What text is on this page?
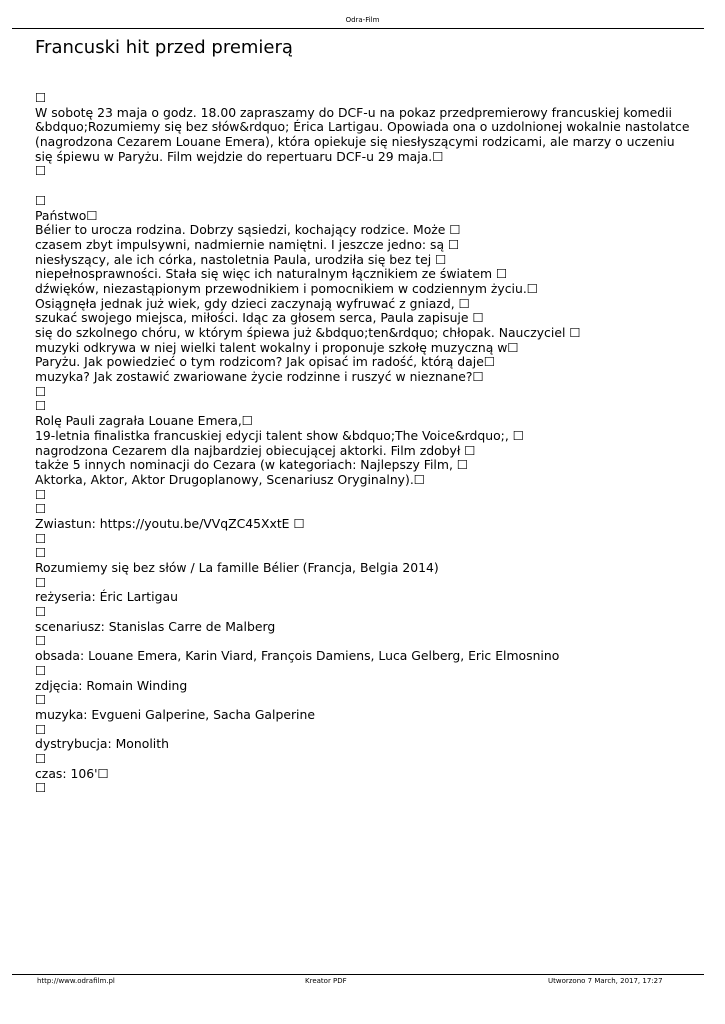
Odra-Film
Francuski hit przed premierą
☐
W sobotę 23 maja o godz. 18.00 zapraszamy do DCF-u na pokaz przedpremierowy francuskiej komedii
&bdquo;Rozumiemy się bez słów&rdquo; Érica Lartigau. Opowiada ona o uzdolnionej wokalnie nastolatce
(nagrodzona Cezarem Louane Emera), która opiekuje się niesłyszącymi rodzicami, ale marzy o uczeniu
się śpiewu w Paryżu. Film wejdzie do repertuaru DCF-u 29 maja.☐
☐
☐
Państwo☐
Bélier to urocza rodzina. Dobrzy sąsiedzi, kochający rodzice. Może ☐
czasem zbyt impulsywni, nadmiernie namiętni. I jeszcze jedno: są ☐
niesłyszący, ale ich córka, nastoletnia Paula, urodziła się bez tej ☐
niepełnosprawności. Stała się więc ich naturalnym łącznikiem ze światem ☐
dźwięków, niezastąpionym przewodnikiem i pomocnikiem w codziennym życiu.☐
Osiągnęła jednak już wiek, gdy dzieci zaczynają wyfruwać z gniazd, ☐
szukać swojego miejsca, miłości. Idąc za głosem serca, Paula zapisuje ☐
się do szkolnego chóru, w którym śpiewa już &bdquo;ten&rdquo; chłopak. Nauczyciel ☐
muzyki odkrywa w niej wielki talent wokalny i proponuje szkołę muzyczną w☐
Paryżu. Jak powiedzieć o tym rodzicom? Jak opisać im radość, którą daje☐
muzyka? Jak zostawić zwariowane życie rodzinne i ruszyć w nieznane?☐
☐
☐
Rolę Pauli zagrała Louane Emera,☐
19-letnia finalistka francuskiej edycji talent show &bdquo;The Voice&rdquo;, ☐
nagrodzona Cezarem dla najbardziej obiecującej aktorki. Film zdobył ☐
także 5 innych nominacji do Cezara (w kategoriach: Najlepszy Film, ☐
Aktorka, Aktor, Aktor Drugoplanowy, Scenariusz Oryginalny).☐
☐
☐
Zwiastun: https://youtu.be/VVqZC45XxtE ☐
☐
☐
Rozumiemy się bez słów / La famille Bélier (Francja, Belgia 2014)
☐
reżyseria: Éric Lartigau
☐
scenariusz: Stanislas Carre de Malberg
☐
obsada: Louane Emera, Karin Viard, François Damiens, Luca Gelberg, Eric Elmosnino
☐
zdjęcia: Romain Winding
☐
muzyka: Evgueni Galperine, Sacha Galperine
☐
dystrybucja: Monolith
☐
czas: 106'☐
☐
http://www.odrafilm.pl	Kreator PDF	Utworzono 7 March, 2017, 17:27
